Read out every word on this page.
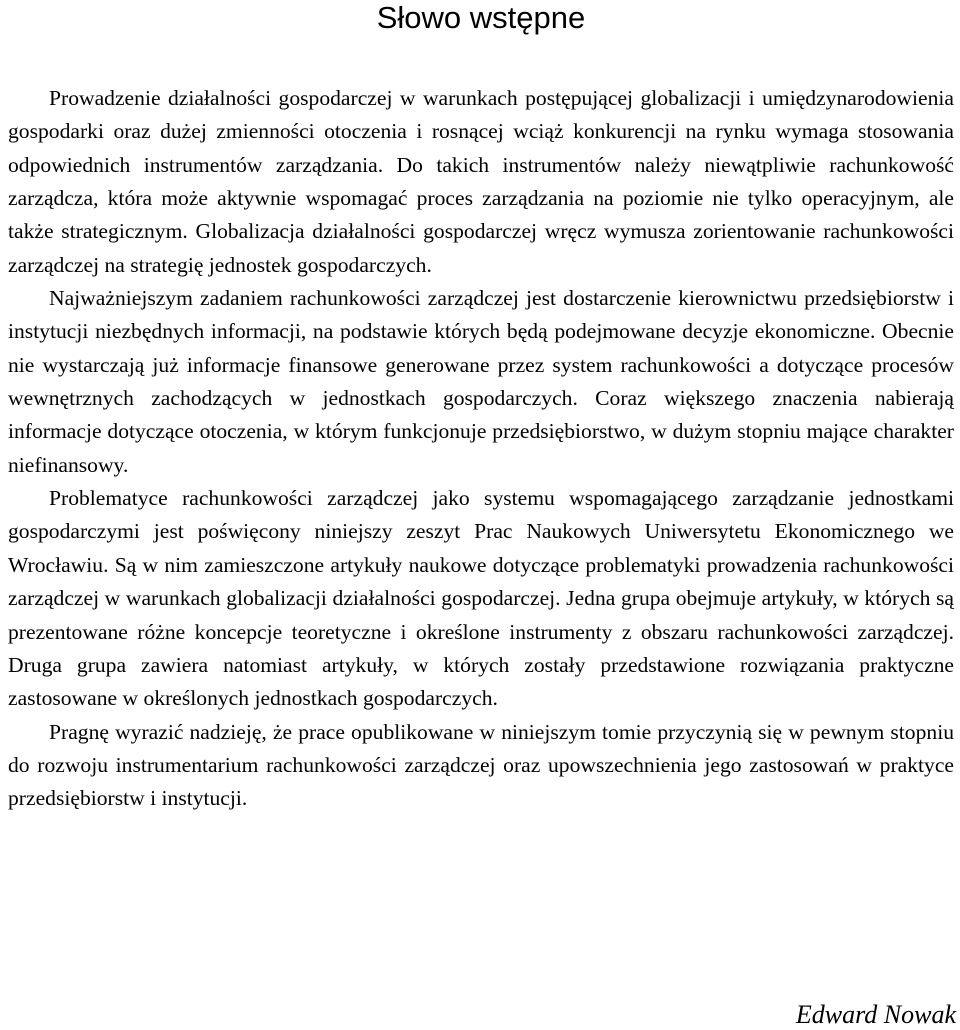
Słowo wstępne

Prowadzenie działalności gospodarczej w warunkach postępującej globalizacji i umiędzynarodowienia gospodarki oraz dużej zmienności otoczenia i rosnącej wciąż konkurencji na rynku wymaga stosowania odpowiednich instrumentów zarządzania. Do takich instrumentów należy niewątpliwie rachunkowość zarządcza, która może aktywnie wspomagać proces zarządzania na poziomie nie tylko operacyjnym, ale także strategicznym. Globalizacja działalności gospodarczej wręcz wymusza zorientowanie rachunkowości zarządczej na strategię jednostek gospodarczych.

Najważniejszym zadaniem rachunkowości zarządczej jest dostarczenie kierownictwu przedsiębiorstw i instytucji niezbędnych informacji, na podstawie których będą podejmowane decyzje ekonomiczne. Obecnie nie wystarczają już informacje finansowe generowane przez system rachunkowości a dotyczące procesów wewnętrznych zachodzących w jednostkach gospodarczych. Coraz większego znaczenia nabierają informacje dotyczące otoczenia, w którym funkcjonuje przedsiębiorstwo, w dużym stopniu mające charakter niefinansowy.

Problematyce rachunkowości zarządczej jako systemu wspomagającego zarządzanie jednostkami gospodarczymi jest poświęcony niniejszy zeszyt Prac Naukowych Uniwersytetu Ekonomicznego we Wrocławiu. Są w nim zamieszczone artykuły naukowe dotyczące problematyki prowadzenia rachunkowości zarządczej w warunkach globalizacji działalności gospodarczej. Jedna grupa obejmuje artykuły, w których są prezentowane różne koncepcje teoretyczne i określone instrumenty z obszaru rachunkowości zarządczej. Druga grupa zawiera natomiast artykuły, w których zostały przedstawione rozwiązania praktyczne zastosowane w określonych jednostkach gospodarczych.

Pragnę wyrazić nadzieję, że prace opublikowane w niniejszym tomie przyczynią się w pewnym stopniu do rozwoju instrumentarium rachunkowości zarządczej oraz upowszechnienia jego zastosowań w praktyce przedsiębiorstw i instytucji.

Edward Nowak
